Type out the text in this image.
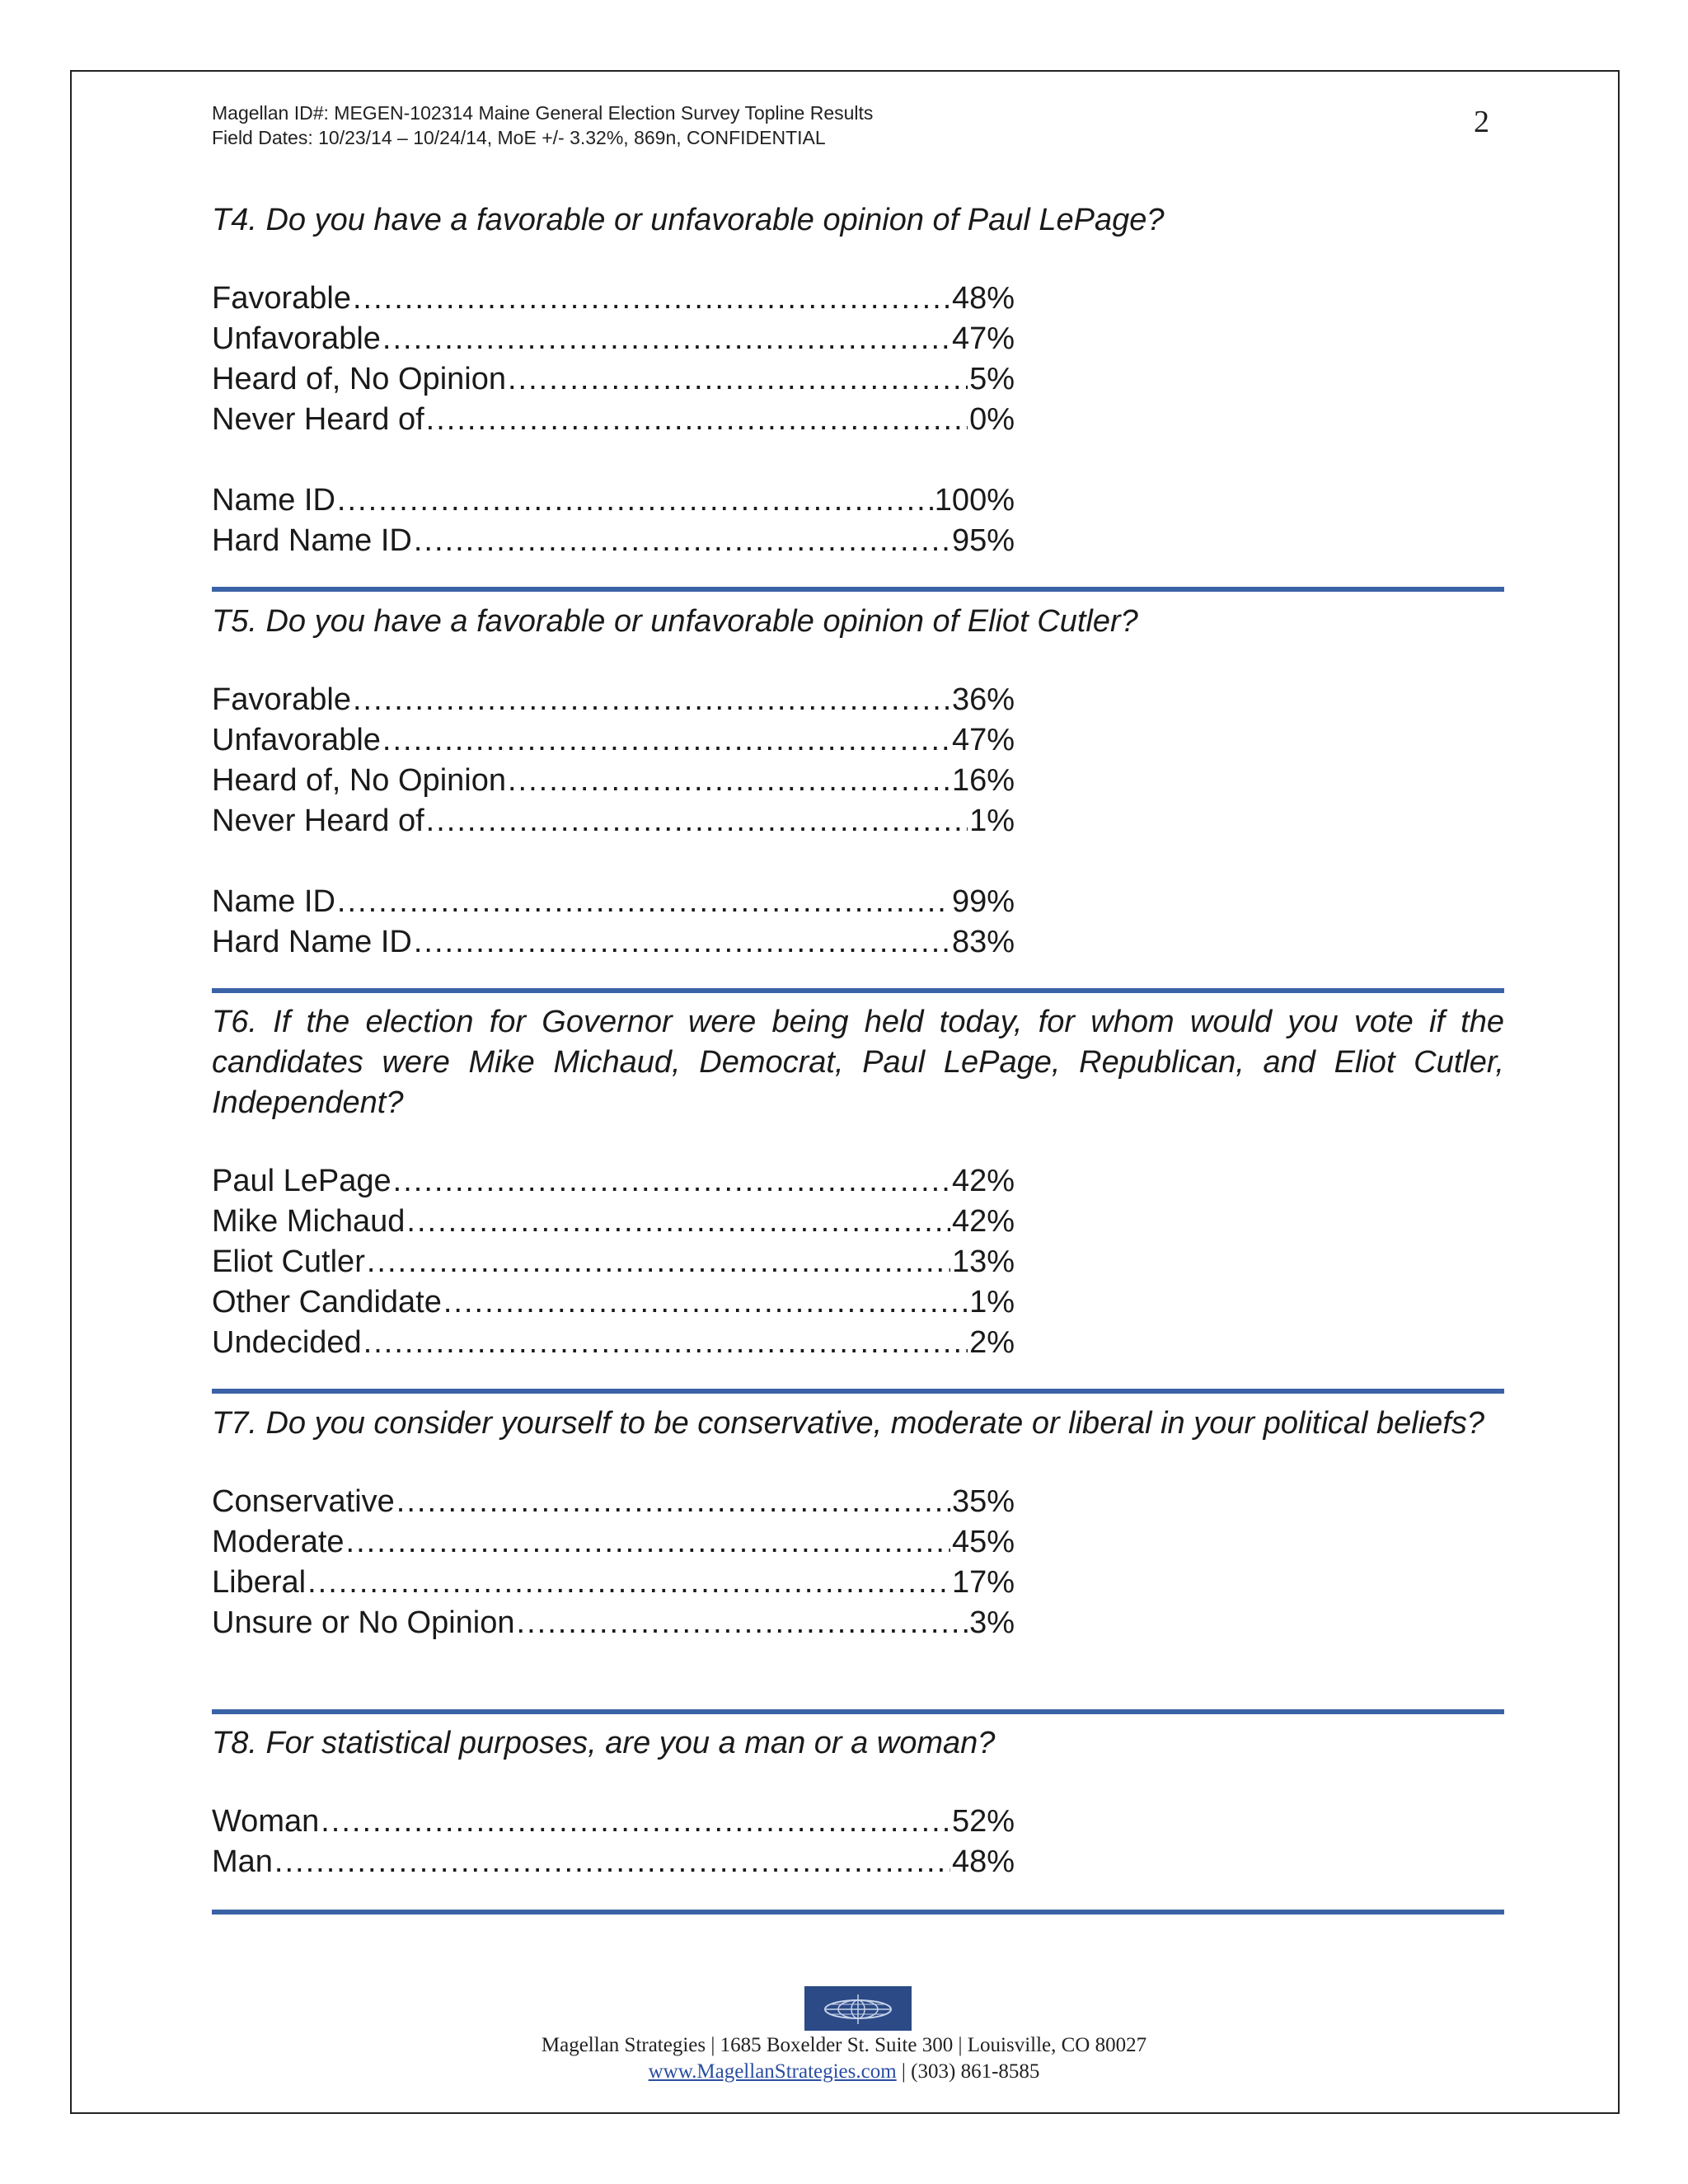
Magellan ID#: MEGEN-102314 Maine General Election Survey Topline Results
Field Dates: 10/23/14 – 10/24/14, MoE +/- 3.32%, 869n, CONFIDENTIAL	2

T4. Do you have a favorable or unfavorable opinion of Paul LePage?

Favorable .....	48%
Unfavorable .....	47%
Heard of, No Opinion .....	5%
Never Heard of .....	0%
Name ID .....	100%
Hard Name ID .....	95%

T5. Do you have a favorable or unfavorable opinion of Eliot Cutler?

Favorable .....	36%
Unfavorable .....	47%
Heard of, No Opinion .....	16%
Never Heard of .....	1%
Name ID .....	99%
Hard Name ID .....	83%

T6. If the election for Governor were being held today, for whom would you vote if the candidates were Mike Michaud, Democrat, Paul LePage, Republican, and Eliot Cutler, Independent?

Paul LePage .....	42%
Mike Michaud .....	42%
Eliot Cutler .....	13%
Other Candidate .....	1%
Undecided .....	2%

T7. Do you consider yourself to be conservative, moderate or liberal in your political beliefs?

Conservative .....	35%
Moderate .....	45%
Liberal .....	17%
Unsure or No Opinion .....	3%

T8. For statistical purposes, are you a man or a woman?

Woman .....	52%
Man .....	48%
Magellan Strategies | 1685 Boxelder St. Suite 300 | Louisville, CO 80027
www.MagellanStrategies.com | (303) 861-8585
